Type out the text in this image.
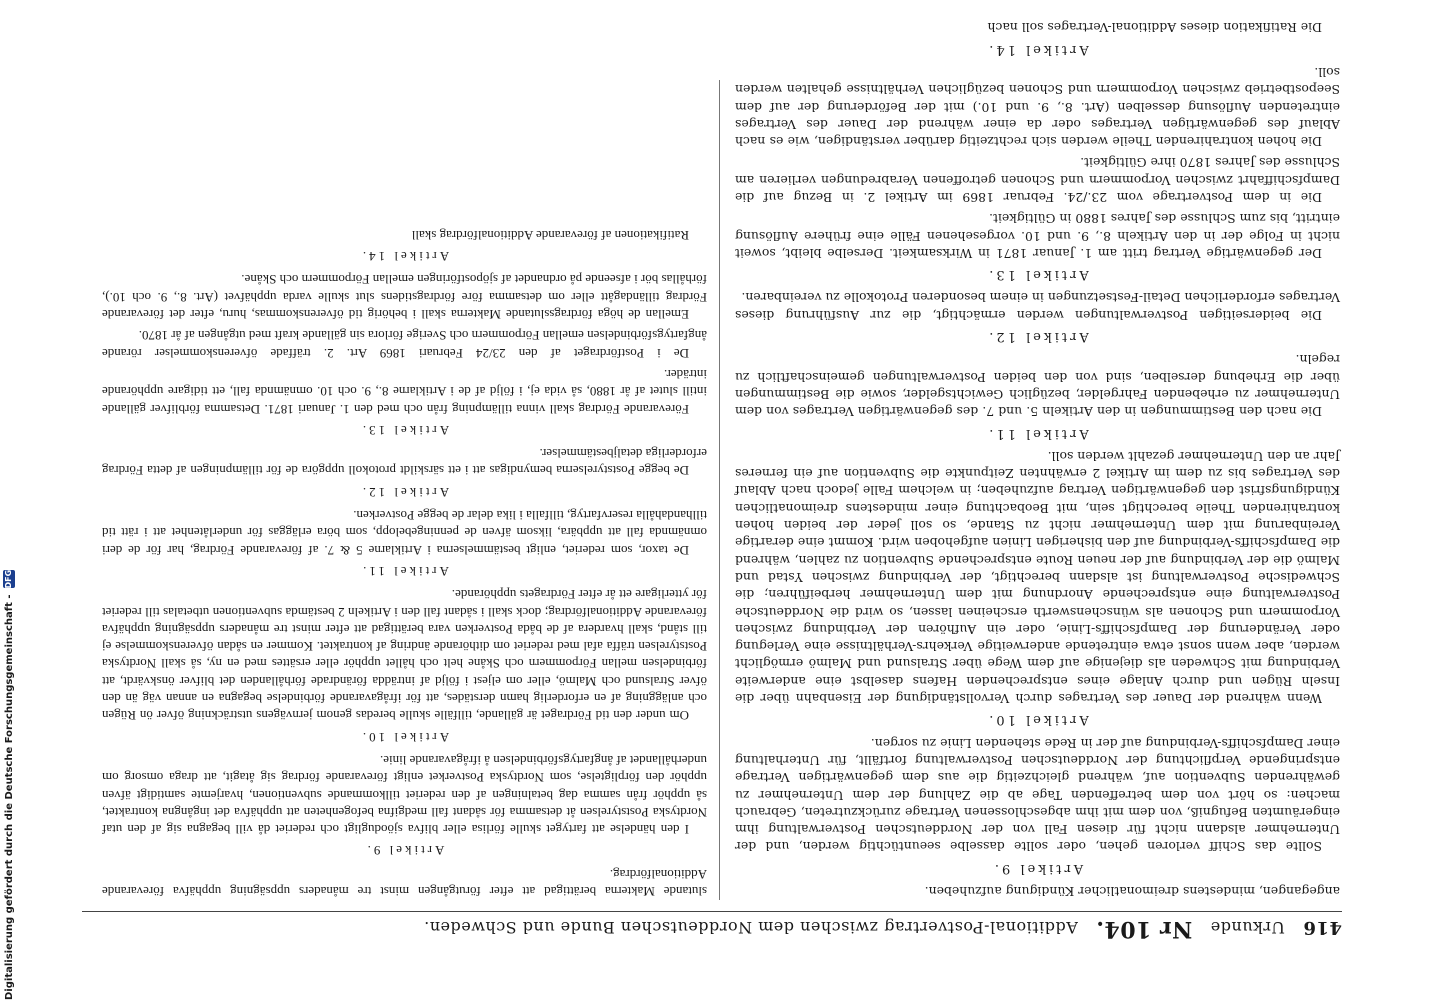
416
Urkunde
Nr 104.
Additional-Postvertrag zwischen dem Norddeutschen Bunde und Schweden.

angegangen, mindestens dreimonatlicher Kündigung aufzuheben.

Artikel 9.

Sollte das Schiff verloren gehen, oder sollte dasselbe seeuntüchtig werden, und der Unternehmer alsdann nicht für diesen Fall von der Norddeutschen Postverwaltung ihm eingeräumten Befugniß, von dem mit ihm abgeschlossenen Vertrage zurückzutreten, Gebrauch machen: so hört von dem betreffenden Tage ab die Zahlung der dem Unternehmer zu gewährenden Subvention auf, während gleichzeitig die aus dem gegenwärtigen Vertrage entspringende Verpflichtung der Norddeutschen Postverwaltung fortfällt, für Unterhaltung einer Dampfschiffs-Verbindung auf der in Rede stehenden Linie zu sorgen.

Artikel 10.

Wenn während der Dauer des Vertrages durch Vervollständigung der Eisenbahn über die Inseln Rügen und durch Anlage eines entsprechenden Hafens daselbst eine anderweite Verbindung mit Schweden als diejenige auf dem Wege über Stralsund und Malmö ermöglicht werden, aber wenn sonst etwa eintretende anderweitige Verkehrs-Verhältnisse eine Verlegung oder Veränderung der Dampfschiffs-Linie, oder ein Aufhören der Verbindung zwischen Vorpommern und Schonen als wünschenswerth erscheinen lassen, so wird die Norddeutsche Postverwaltung eine entsprechende Anordnung mit dem Unternehmer herbeiführen; die Schwedische Postverwaltung ist alsdann berechtigt, der Verbindung zwischen Ystad und Malmö die der Verbindung auf der neuen Route entsprechende Subvention zu zahlen, während die Dampfschiffs-Verbindung auf den bisherigen Linien aufgehoben wird. Kommt eine derartige Vereinbarung mit dem Unternehmer nicht zu Stande, so soll jeder der beiden hohen kontrahirenden Theile berechtigt sein, mit Beobachtung einer mindestens dreimonatlichen Kündigungsfrist den gegenwärtigen Vertrag aufzuheben; in welchem Falle jedoch nach Ablauf des Vertrages bis zu dem im Artikel 2 erwähnten Zeitpunkte die Subvention auf ein ferneres Jahr an den Unternehmer gezahlt werden soll.

Artikel 11.

Die nach den Bestimmungen in den Artikeln 5. und 7. des gegenwärtigen Vertrages von dem Unternehmer zu erhebenden Fahrgelder, bezüglich Gewichtsgelder, sowie die Bestimmungen über die Erhebung derselben, sind von den beiden Postverwaltungen gemeinschaftlich zu regeln.

Artikel 12.

Die beiderseitigen Postverwaltungen werden ermächtigt, die zur Ausführung dieses Vertrages erforderlichen Detail-Festsetzungen in einem besonderen Protokolle zu vereinbaren.

Artikel 13.

Der gegenwärtige Vertrag tritt am 1. Januar 1871 in Wirksamkeit. Derselbe bleibt, soweit nicht in Folge der in den Artikeln 8., 9. und 10. vorgesehenen Fälle eine frühere Auflösung eintritt, bis zum Schlusse des Jahres 1880 in Gültigkeit.

Die in dem Postvertrage vom 23./24. Februar 1869 im Artikel 2. in Bezug auf die Dampfschiffahrt zwischen Vorpommern und Schonen getroffenen Verabredungen verlieren am Schlusse des Jahres 1870 ihre Gültigkeit.

Die hohen kontrahirenden Theile werden sich rechtzeitig darüber verständigen, wie es nach Ablauf des gegenwärtigen Vertrages oder da einer während der Dauer des Vertrages eintretenden Auflösung desselben (Art. 8., 9. und 10.) mit der Beförderung der auf dem Seepostbetrieb zwischen Vorpommern und Schonen bezüglichen Verhältnisse gehalten werden soll.

Artikel 14.

Die Ratifikation dieses Additional-Vertrages soll nach

slutande Makterna berättigad att efter förutgången minst tre månaders uppsägning upphäfva förevarande Additionalfördrag.

Artikel 9.

I den händelse att fartyget skulle förlisa eller blifva sjöodugligt och rederiet då vill begagna sig af den utaf Nordtyska Poststyrelsen åt detsamma för sådant fall medgifna befogenheten att upphäfva det ingångna kontraktet, så upphör från samma dag betalningen af den rederiet tillkommande subventionen, hvarjemte samtidigt äfven upphör den förpligtelse, som Nordtyska Postverket enligt förevarande fördrag sig åtagit, att draga omsorg om underhållandet af ångfartygsförbindelsen å ifrågavarande linie.

Artikel 10.

Om under den tid Fördraget är gällande, tillfälle skulle beredas genom jernvägens utsträckning öfver ön Rügen och anläggning af en erforderlig hamn derstädes, att för ifrågavarande förbindelse begagna en annan väg än den öfver Stralsund och Malmö, eller om eljest i följd af inträdda förändrade förhållanden det blifver önskvärdt, att förbindelsen mellan Förpommern och Skåne helt och hållet upphör eller ersättes med en ny, så skall Nordtyska Poststyrelsen träffa afal med rederiet om dithörande ändring af kontraktet. Kommer en sådan öfverenskommelse ej till stånd, skall hvardera af de båda Postverken vara berättigad att efter minst tre månaders uppsägning upphäfva förevarande Additionalfördrag; dock skall i sådant fall den i Artikeln 2 bestämda subventionen utbetalas till rederiet för ytterligare ett år efter Fördragets upphörande.

Artikel 11.

De taxor, som rederiet, enligt bestämmelserna i Artiklarne 5 & 7. af förevarande Fördrag, har för de deri omnämnda fall att uppbära, liksom äfven de penningebelopp, som böra erläggas för underlåtenhet att i rätt tid tillhandahålla reservfartyg, tillfalla i lika delar de begge Postverken.

Artikel 12.

De begge Poststyrelserna bemyndigas att i ett särskildt protokoll uppgöra de för tillämpningen af detta Fördrag erforderliga detaljbestämmelser.

Artikel 13.

Förevarande Fördrag skall vinna tillämpning från och med den 1. Januari 1871. Detsamma förblifver gällande intill slutet af år 1880, så vida ej, i följd af de i Artiklarne 8., 9. och 10. omnämnda fall, ett tidigare upphörande inträder.

De i Postfördraget af den 23/24 Februari 1869 Art. 2. träffade öfverenskommelser rörande ångfartygsförbindelsen emellan Förpommern och Sverige förlora sin gällande kraft med utgången af år 1870.

Emellan de höga fördragsslutande Makterna skall i behörig tid öfverenskommas, huru, efter det förevarande Fördrag tilländagått eller om detsamma före fördragstidens slut skulle varda upphäfvet (Art. 8., 9. och 10.), förhållas bör i afseende på ordnandet af sjöpostföringen emellan Förpommern och Skåne.

Artikel 14.

Ratifikationen af förevarande Additionalfördrag skall

Digitalisierung gefördert durch die Deutsche Forschungsgemeinschaft -
DFG
